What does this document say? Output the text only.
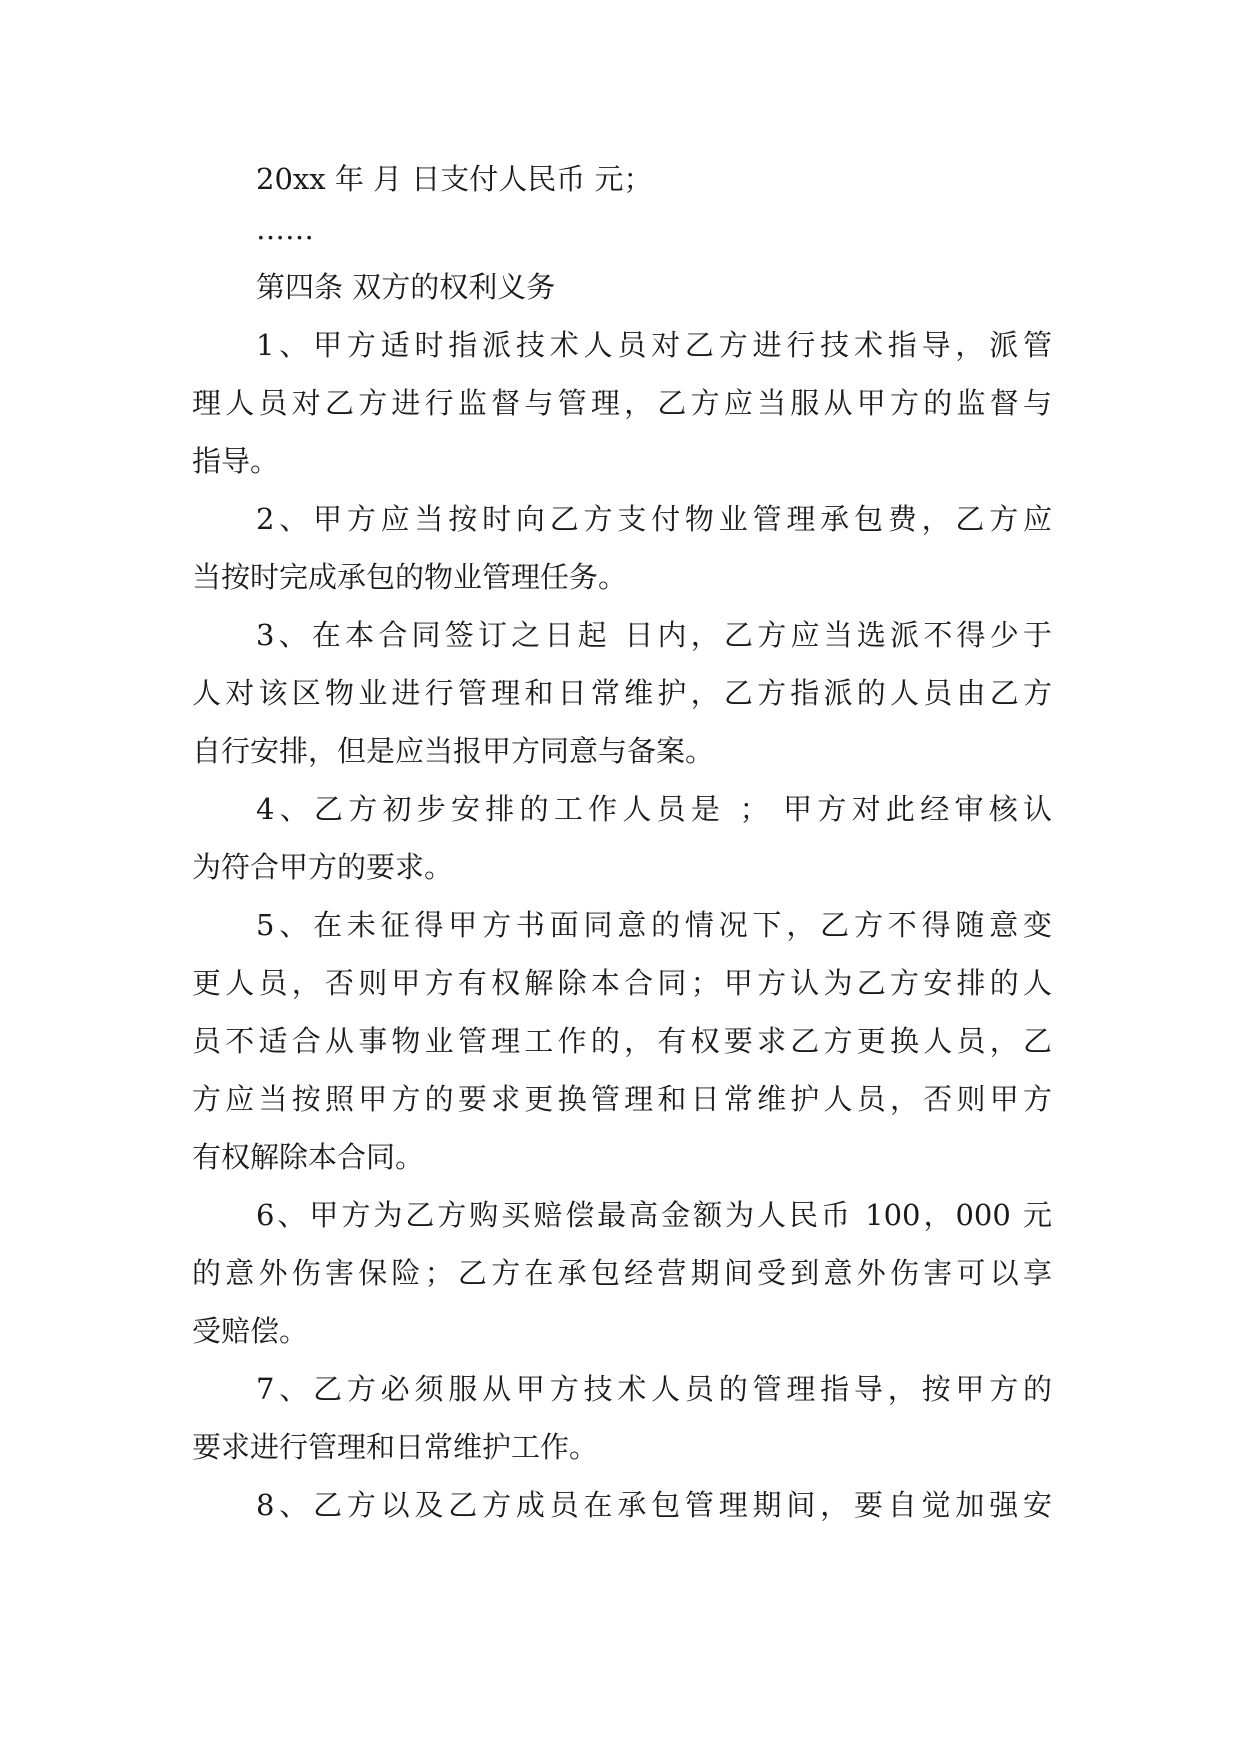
20xx 年 月 日支付人民币 元；

……

第四条 双方的权利义务

1、甲方适时指派技术人员对乙方进行技术指导，派管

理人员对乙方进行监督与管理，乙方应当服从甲方的监督与

指导。

2、甲方应当按时向乙方支付物业管理承包费，乙方应

当按时完成承包的物业管理任务。

3、在本合同签订之日起 日内，乙方应当选派不得少于

人对该区物业进行管理和日常维护，乙方指派的人员由乙方

自行安排，但是应当报甲方同意与备案。

4、乙方初步安排的工作人员是 ； 甲方对此经审核认

为符合甲方的要求。

5、在未征得甲方书面同意的情况下，乙方不得随意变

更人员，否则甲方有权解除本合同；甲方认为乙方安排的人

员不适合从事物业管理工作的，有权要求乙方更换人员，乙

方应当按照甲方的要求更换管理和日常维护人员，否则甲方

有权解除本合同。

6、甲方为乙方购买赔偿最高金额为人民币 100，000 元

的意外伤害保险；乙方在承包经营期间受到意外伤害可以享

受赔偿。

7、乙方必须服从甲方技术人员的管理指导，按甲方的

要求进行管理和日常维护工作。

8、乙方以及乙方成员在承包管理期间，要自觉加强安
